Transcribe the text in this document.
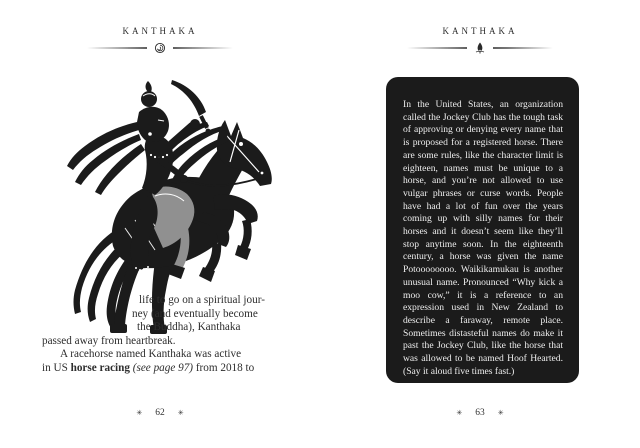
KANTHAKA
life to go on a spiritual jour-
ney (and eventually become
the Buddha), Kanthaka
passed away from heartbreak.
A racehorse named Kanthaka was active
in US horse racing (see page 97) from 2018 to
✳ 62 ✳
KANTHAKA

In the United States, an organization called the Jockey Club has the tough task of approving or denying every name that is proposed for a registered horse. There are some rules, like the character limit is eighteen, names must be unique to a horse, and you’re not allowed to use vulgar phrases or curse words. People have had a lot of fun over the years coming up with silly names for their horses and it doesn’t seem like they’ll stop anytime soon. In the eighteenth century, a horse was given the name Potoooooooo. Waikikamukau is another unusual name. Pronounced “Why kick a moo cow,” it is a reference to an expression used in New Zealand to describe a faraway, remote place. Sometimes distasteful names do make it past the Jockey Club, like the horse that was allowed to be named Hoof Hearted. (Say it aloud five times fast.)

✳ 63 ✳
